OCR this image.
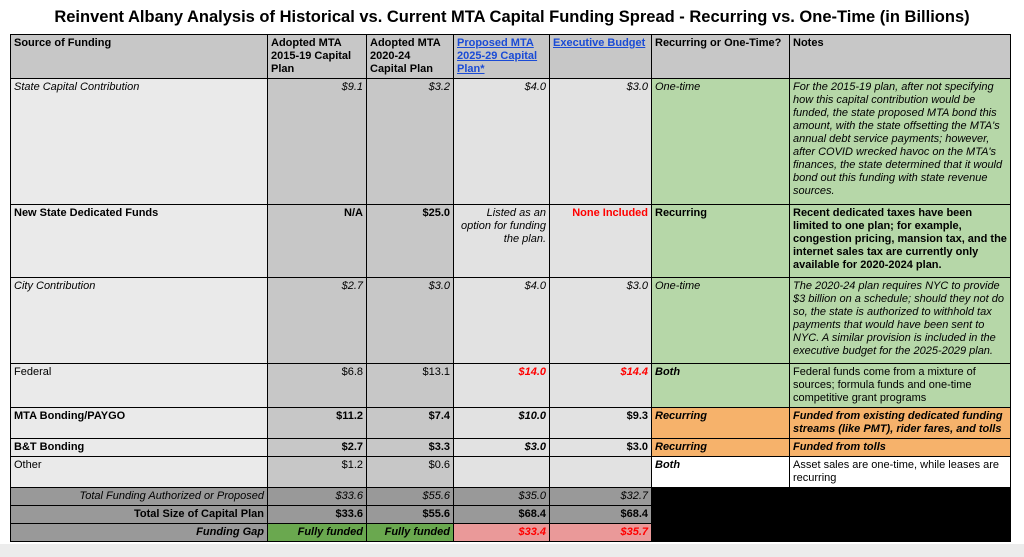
Reinvent Albany Analysis of Historical vs. Current MTA Capital Funding Spread - Recurring vs. One-Time (in Billions)
Source of Funding	Adopted MTA 2015-19 Capital Plan	Adopted MTA 2020-24 Capital Plan	Proposed MTA 2025-29 Capital Plan*	Executive Budget	Recurring or One-Time?	Notes
State Capital Contribution	$9.1	$3.2	$4.0	$3.0	One-time	For the 2015-19 plan, after not specifying how this capital contribution would be funded, the state proposed MTA bond this amount, with the state offsetting the MTA's annual debt service payments; however, after COVID wrecked havoc on the MTA's finances, the state determined that it would bond out this funding with state revenue sources.
New State Dedicated Funds	N/A	$25.0	Listed as an option for funding the plan.	None Included	Recurring	Recent dedicated taxes have been limited to one plan; for example, congestion pricing, mansion tax, and the internet sales tax are currently only available for 2020-2024 plan.
City Contribution	$2.7	$3.0	$4.0	$3.0	One-time	The 2020-24 plan requires NYC to provide $3 billion on a schedule; should they not do so, the state is authorized to withhold tax payments that would have been sent to NYC. A similar provision is included in the executive budget for the 2025-2029 plan.
Federal	$6.8	$13.1	$14.0	$14.4	Both	Federal funds come from a mixture of sources; formula funds and one-time competitive grant programs
MTA Bonding/PAYGO	$11.2	$7.4	$10.0	$9.3	Recurring	Funded from existing dedicated funding streams (like PMT), rider fares, and tolls
B&T Bonding	$2.7	$3.3	$3.0	$3.0	Recurring	Funded from tolls
Other	$1.2	$0.6			Both	Asset sales are one-time, while leases are recurring
Total Funding Authorized or Proposed	$33.6	$55.6	$35.0	$32.7		
Total Size of Capital Plan	$33.6	$55.6	$68.4	$68.4		
Funding Gap	Fully funded	Fully funded	$33.4	$35.7		
